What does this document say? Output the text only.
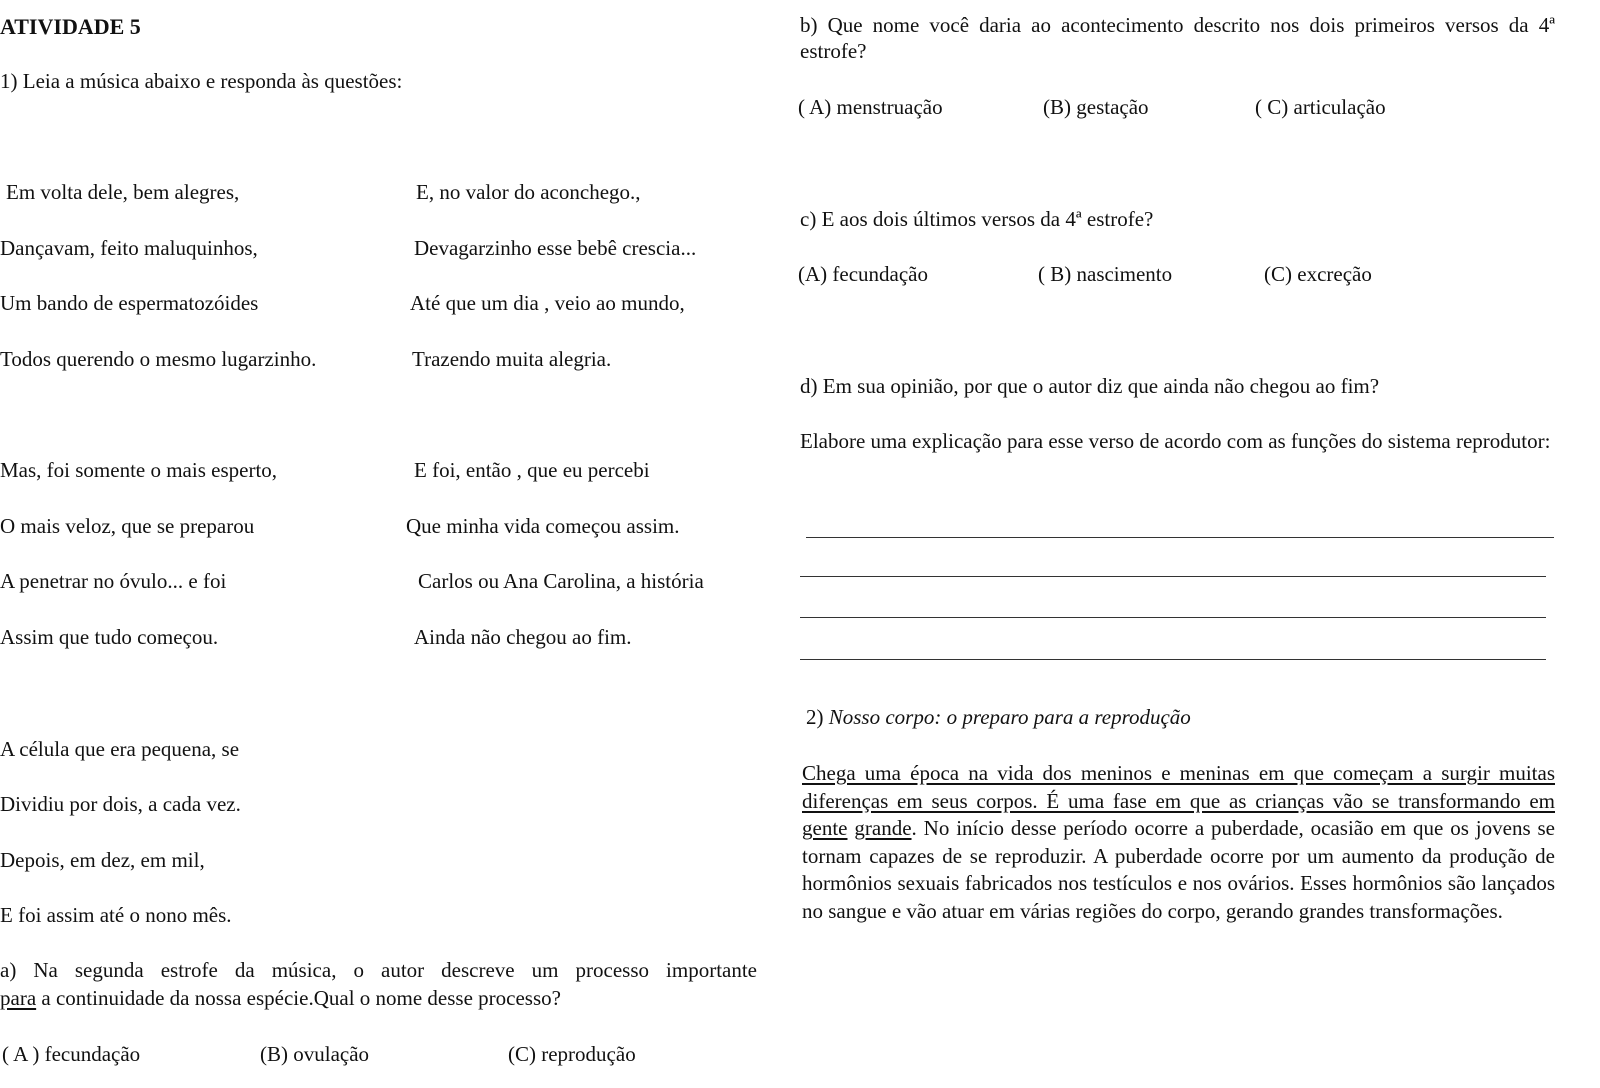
ATIVIDADE 5
1) Leia a música abaixo e responda às questões:
Em volta dele, bem alegres,
Dançavam, feito maluquinhos,
Um bando de espermatozóides
Todos querendo o mesmo lugarzinho.
E, no valor do aconchego.,
Devagarzinho esse bebê crescia...
Até que um dia , veio ao mundo,
Trazendo muita alegria.
Mas, foi somente o mais esperto,
O mais veloz, que se preparou
A penetrar no óvulo... e foi
Assim que tudo começou.
E foi, então , que eu percebi
Que minha vida começou assim.
Carlos ou Ana Carolina, a história
Ainda não chegou ao fim.
A célula que era pequena, se
Dividiu por dois, a cada vez.
Depois, em dez, em mil,
E foi assim até o nono mês.
a) Na segunda estrofe da música, o autor descreve um processo importante
para a continuidade da nossa espécie.Qual o nome desse processo?
( A ) fecundação	(B) ovulação	(C) reprodução
b) Que nome você daria ao acontecimento descrito nos dois primeiros versos da 4ª estrofe?
( A) menstruação	(B) gestação	( C) articulação
c) E aos dois últimos versos da 4ª estrofe?
(A) fecundação	( B) nascimento	(C) excreção
d) Em sua opinião, por que o autor diz que ainda não chegou ao fim?
Elabore uma explicação para esse verso de acordo com as funções do sistema reprodutor:
2) Nosso corpo: o preparo para a reprodução
Chega uma época na vida dos meninos e meninas em que começam a surgir muitas diferenças em seus corpos. É uma fase em que as crianças vão se transformando em gente grande. No início desse período ocorre a puberdade, ocasião em que os jovens se tornam capazes de se reproduzir. A puberdade ocorre por um aumento da produção de hormônios sexuais fabricados nos testículos e nos ovários. Esses hormônios são lançados no sangue e vão atuar em várias regiões do corpo, gerando grandes transformações.
